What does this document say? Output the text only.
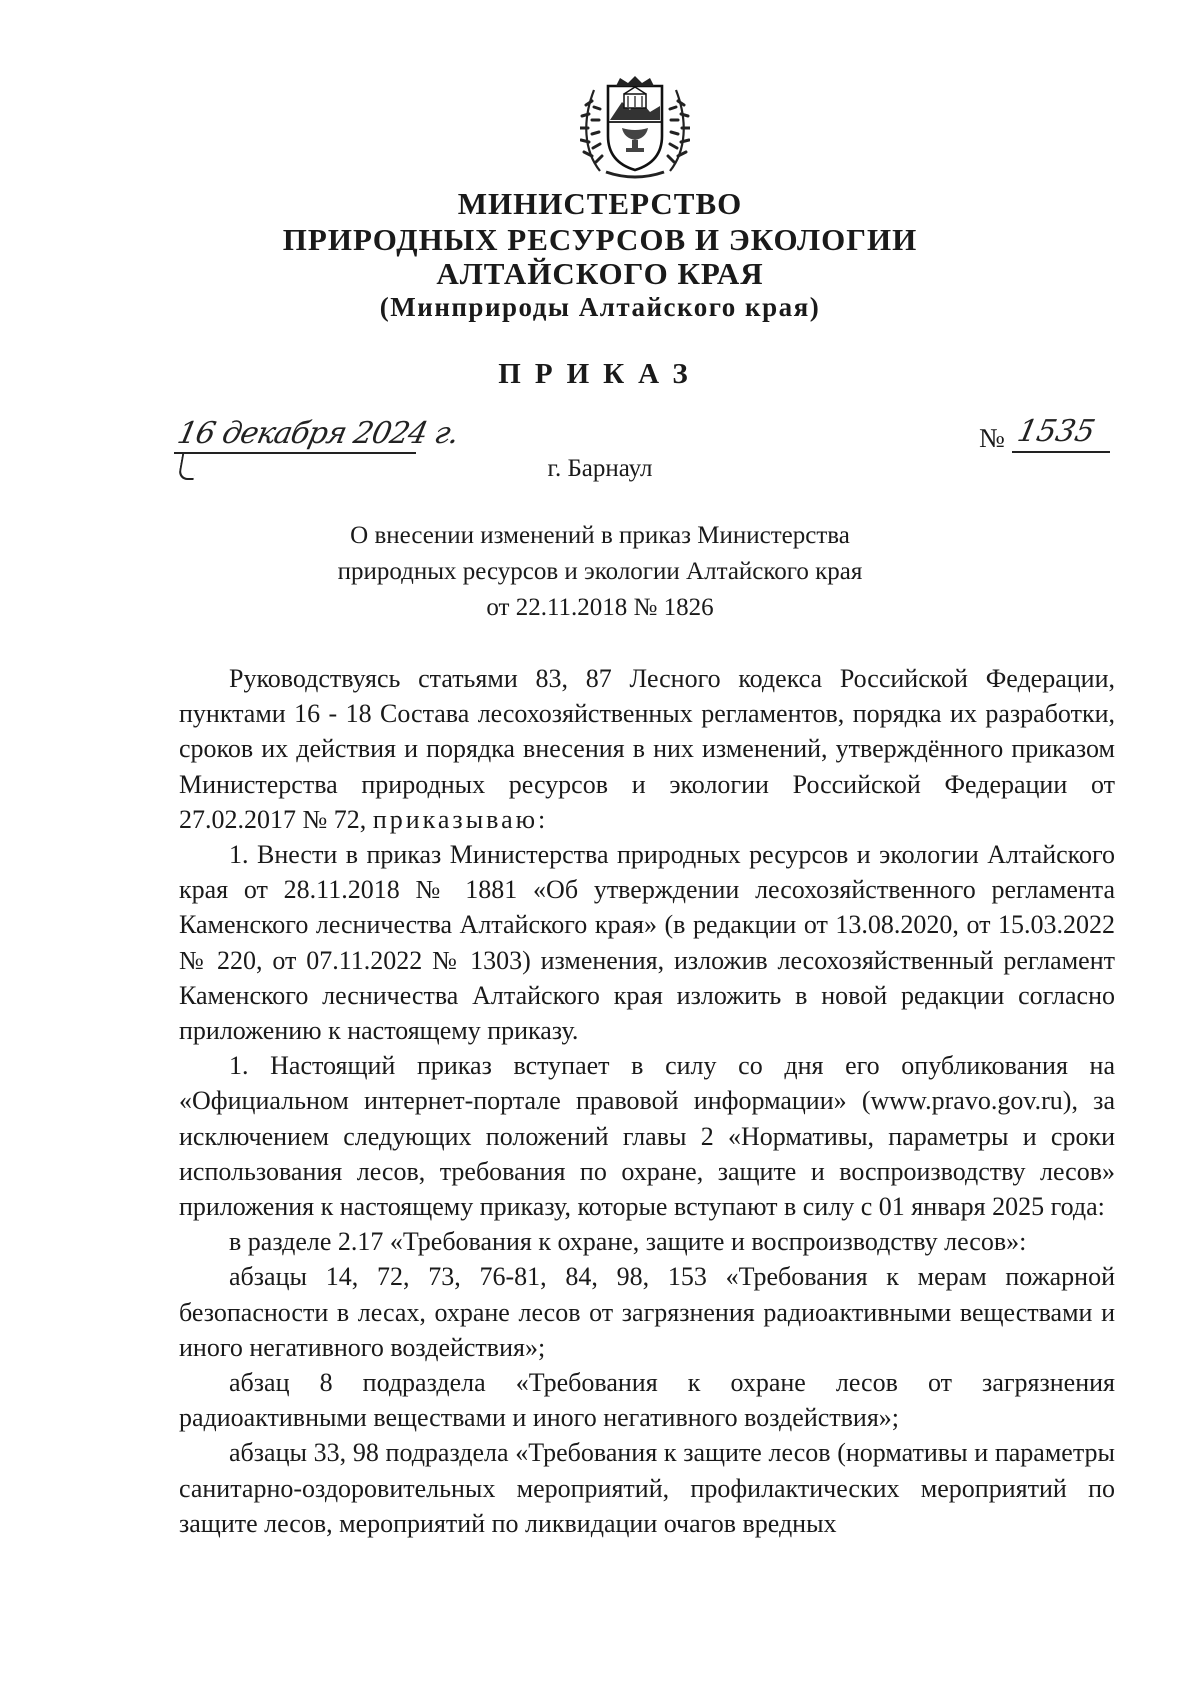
МИНИСТЕРСТВО
ПРИРОДНЫХ РЕСУРСОВ И ЭКОЛОГИИ
АЛТАЙСКОГО КРАЯ
(Минприроды Алтайского края)
ПРИКАЗ
16 декабря 2024 г.	№ 1535
г. Барнаул
О внесении изменений в приказ Министерства
природных ресурсов и экологии Алтайского края
от 22.11.2018 № 1826

Руководствуясь статьями 83, 87 Лесного кодекса Российской Федерации, пунктами 16 - 18 Состава лесохозяйственных регламентов, порядка их разработки, сроков их действия и порядка внесения в них изменений, утверждённого приказом Министерства природных ресурсов и экологии Российской Федерации от 27.02.2017 № 72, приказываю:

1. Внести в приказ Министерства природных ресурсов и экологии Алтайского края от 28.11.2018 № 1881 «Об утверждении лесохозяйственного регламента Каменского лесничества Алтайского края» (в редакции от 13.08.2020, от 15.03.2022 № 220, от 07.11.2022 № 1303) изменения, изложив лесохозяйственный регламент Каменского лесничества Алтайского края изложить в новой редакции согласно приложению к настоящему приказу.

1. Настоящий приказ вступает в силу со дня его опубликования на «Официальном интернет-портале правовой информации» (www.pravo.gov.ru), за исключением следующих положений главы 2 «Нормативы, параметры и сроки использования лесов, требования по охране, защите и воспроизводству лесов» приложения к настоящему приказу, которые вступают в силу с 01 января 2025 года:

в разделе 2.17 «Требования к охране, защите и воспроизводству лесов»:

абзацы 14, 72, 73, 76-81, 84, 98, 153 «Требования к мерам пожарной безопасности в лесах, охране лесов от загрязнения радиоактивными веществами и иного негативного воздействия»;

абзац 8 подраздела «Требования к охране лесов от загрязнения радиоактивными веществами и иного негативного воздействия»;

абзацы 33, 98 подраздела «Требования к защите лесов (нормативы и параметры санитарно-оздоровительных мероприятий, профилактических мероприятий по защите лесов, мероприятий по ликвидации очагов вредных
